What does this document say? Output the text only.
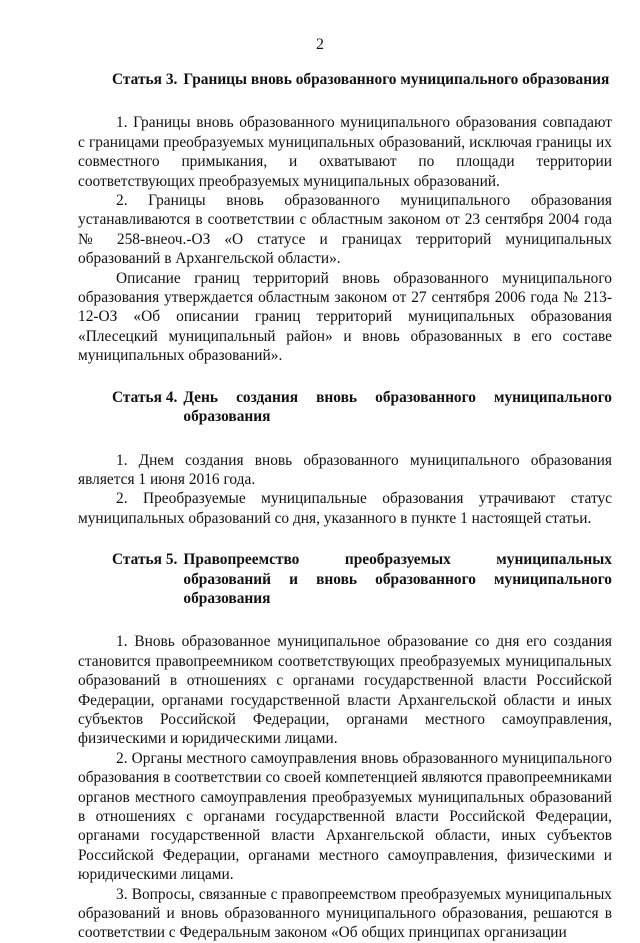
2
Статья 3. Границы вновь образованного муниципального образования

1. Границы вновь образованного муниципального образования совпадают с границами преобразуемых муниципальных образований, исключая границы их совместного примыкания, и охватывают по площади территории соответствующих преобразуемых муниципальных образований.

2. Границы вновь образованного муниципального образования устанавливаются в соответствии с областным законом от 23 сентября 2004 года № 258-внеоч.-ОЗ «О статусе и границах территорий муниципальных образований в Архангельской области».

Описание границ территорий вновь образованного муниципального образования утверждается областным законом от 27 сентября 2006 года № 213-12-ОЗ «Об описании границ территорий муниципальных образования «Плесецкий муниципальный район» и вновь образованных в его составе муниципальных образований».

Статья 4. День создания вновь образованного муниципального образования

1. Днем создания вновь образованного муниципального образования является 1 июня 2016 года.

2. Преобразуемые муниципальные образования утрачивают статус муниципальных образований со дня, указанного в пункте 1 настоящей статьи.

Статья 5. Правопреемство преобразуемых муниципальных образований и вновь образованного муниципального образования

1. Вновь образованное муниципальное образование со дня его создания становится правопреемником соответствующих преобразуемых муниципальных образований в отношениях с органами государственной власти Российской Федерации, органами государственной власти Архангельской области и иных субъектов Российской Федерации, органами местного самоуправления, физическими и юридическими лицами.

2. Органы местного самоуправления вновь образованного муниципального образования в соответствии со своей компетенцией являются правопреемниками органов местного самоуправления преобразуемых муниципальных образований в отношениях с органами государственной власти Российской Федерации, органами государственной власти Архангельской области, иных субъектов Российской Федерации, органами местного самоуправления, физическими и юридическими лицами.

3. Вопросы, связанные с правопреемством преобразуемых муниципальных образований и вновь образованного муниципального образования, решаются в соответствии с Федеральным законом «Об общих принципах организации
